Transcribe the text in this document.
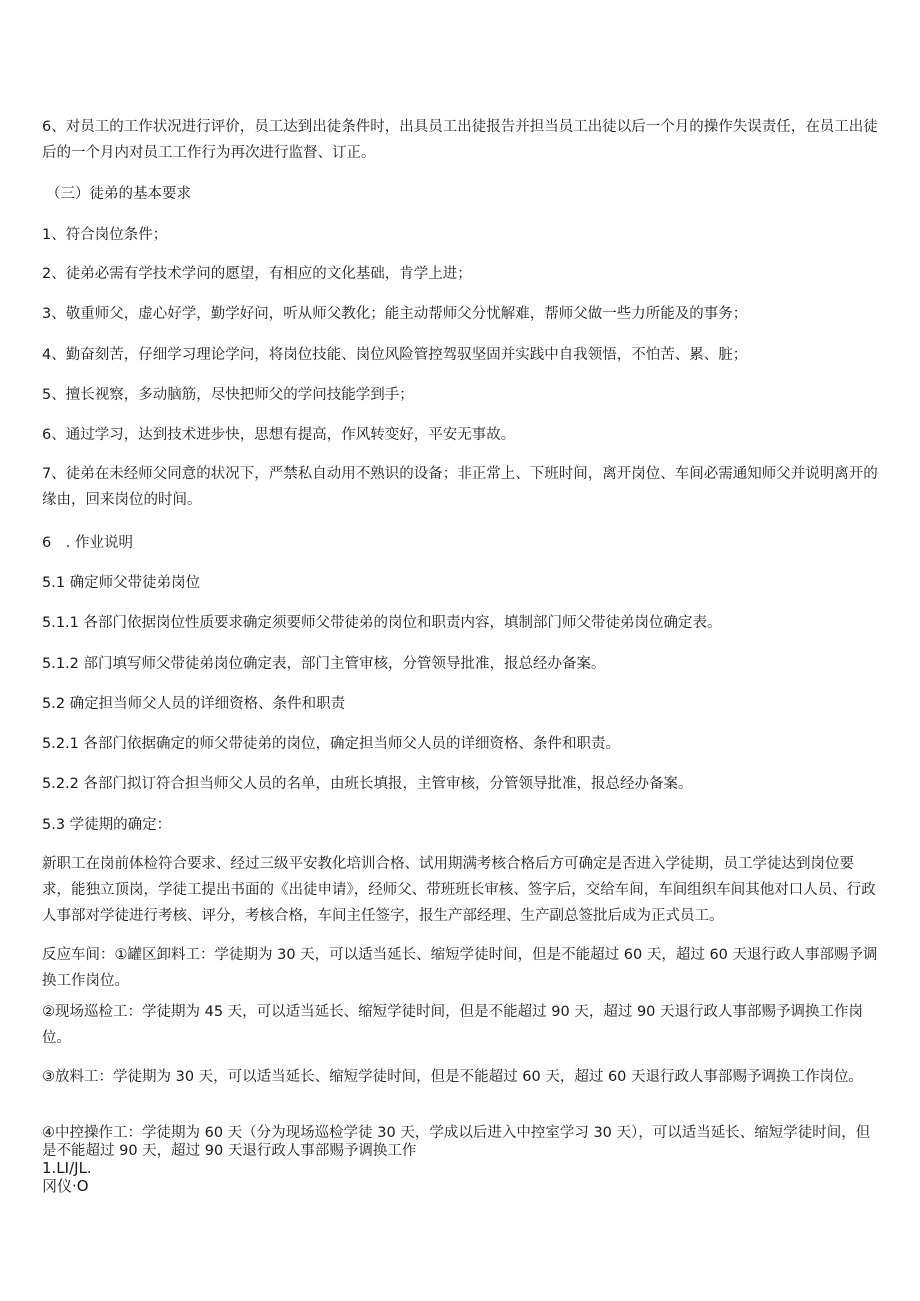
6、对员工的工作状况进行评价，员工达到出徒条件时，出具员工出徒报告并担当员工出徒以后一个月的操作失误责任，在员工出徒后的一个月内对员工工作行为再次进行监督、订正。

（三）徒弟的基本要求

1、符合岗位条件；

2、徒弟必需有学技术学问的愿望，有相应的文化基础，肯学上进；

3、敬重师父，虚心好学，勤学好问，听从师父教化；能主动帮师父分忧解难，帮师父做一些力所能及的事务；

4、勤奋刻苦，仔细学习理论学问，将岗位技能、岗位风险管控驾驭坚固并实践中自我领悟，不怕苦、累、脏；

5、擅长视察，多动脑筋，尽快把师父的学问技能学到手；

6、通过学习，达到技术进步快，思想有提高，作风转变好，平安无事故。

7、徒弟在未经师父同意的状况下，严禁私自动用不熟识的设备；非正常上、下班时间，离开岗位、车间必需通知师父并说明离开的缘由，回来岗位的时间。

6　. 作业说明

5.1 确定师父带徒弟岗位

5.1.1 各部门依据岗位性质要求确定须要师父带徒弟的岗位和职责内容，填制部门师父带徒弟岗位确定表。

5.1.2 部门填写师父带徒弟岗位确定表，部门主管审核，分管领导批准，报总经办备案。

5.2 确定担当师父人员的详细资格、条件和职责

5.2.1 各部门依据确定的师父带徒弟的岗位，确定担当师父人员的详细资格、条件和职责。

5.2.2 各部门拟订符合担当师父人员的名单，由班长填报，主管审核，分管领导批准，报总经办备案。

5.3 学徒期的确定：

新职工在岗前体检符合要求、经过三级平安教化培训合格、试用期满考核合格后方可确定是否进入学徒期，员工学徒达到岗位要求，能独立顶岗，学徒工提出书面的《出徒申请》，经师父、带班班长审核、签字后，交给车间，车间组织车间其他对口人员、行政人事部对学徒进行考核、评分，考核合格，车间主任签字，报生产部经理、生产副总签批后成为正式员工。

反应车间：①罐区卸料工：学徒期为 30 天，可以适当延长、缩短学徒时间，但是不能超过 60 天，超过 60 天退行政人事部赐予调换工作岗位。

②现场巡检工：学徒期为 45 天，可以适当延长、缩短学徒时间，但是不能超过 90 天，超过 90 天退行政人事部赐予调换工作岗位。

③放料工：学徒期为 30 天，可以适当延长、缩短学徒时间，但是不能超过 60 天，超过 60 天退行政人事部赐予调换工作岗位。

④中控操作工：学徒期为 60 天（分为现场巡检学徒 30 天，学成以后进入中控室学习 30 天），可以适当延长、缩短学徒时间，但是不能超过 90 天，超过 90 天退行政人事部赐予调换工作

1.LI/JL.

冈仪·O
